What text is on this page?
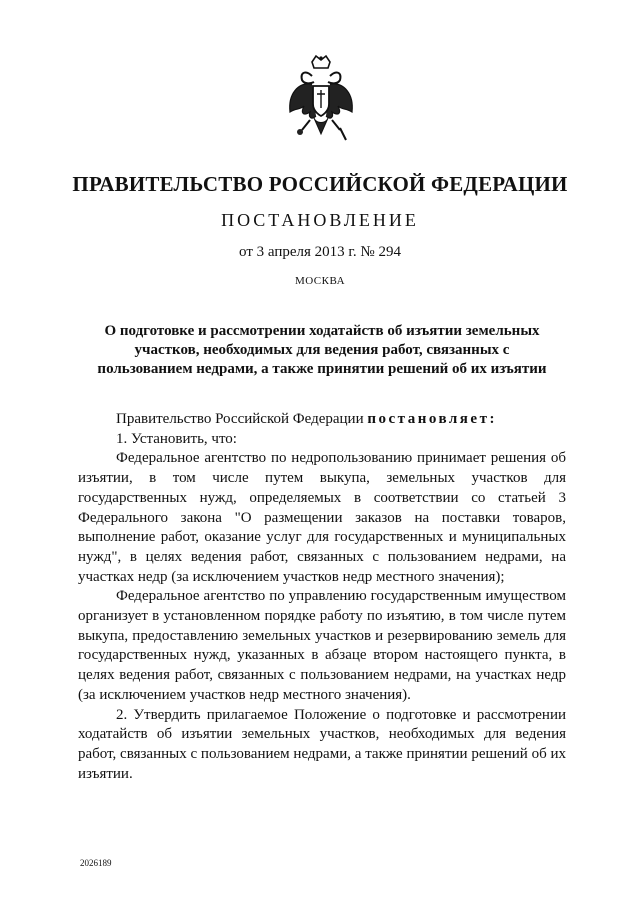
ПРАВИТЕЛЬСТВО РОССИЙСКОЙ ФЕДЕРАЦИИ
ПОСТАНОВЛЕНИЕ
от 3 апреля 2013 г. № 294
МОСКВА
О подготовке и рассмотрении ходатайств об изъятии земельных участков, необходимых для ведения работ, связанных с пользованием недрами, а также принятии решений об их изъятии

Правительство Российской Федерации постановляет:

1. Установить, что:

Федеральное агентство по недропользованию принимает решения об изъятии, в том числе путем выкупа, земельных участков для государственных нужд, определяемых в соответствии со статьей 3 Федерального закона "О размещении заказов на поставки товаров, выполнение работ, оказание услуг для государственных и муниципальных нужд", в целях ведения работ, связанных с пользованием недрами, на участках недр (за исключением участков недр местного значения);

Федеральное агентство по управлению государственным имуществом организует в установленном порядке работу по изъятию, в том числе путем выкупа, предоставлению земельных участков и резервированию земель для государственных нужд, указанных в абзаце втором настоящего пункта, в целях ведения работ, связанных с пользованием недрами, на участках недр (за исключением участков недр местного значения).

2. Утвердить прилагаемое Положение о подготовке и рассмотрении ходатайств об изъятии земельных участков, необходимых для ведения работ, связанных с пользованием недрами, а также принятии решений об их изъятии.

2026189
